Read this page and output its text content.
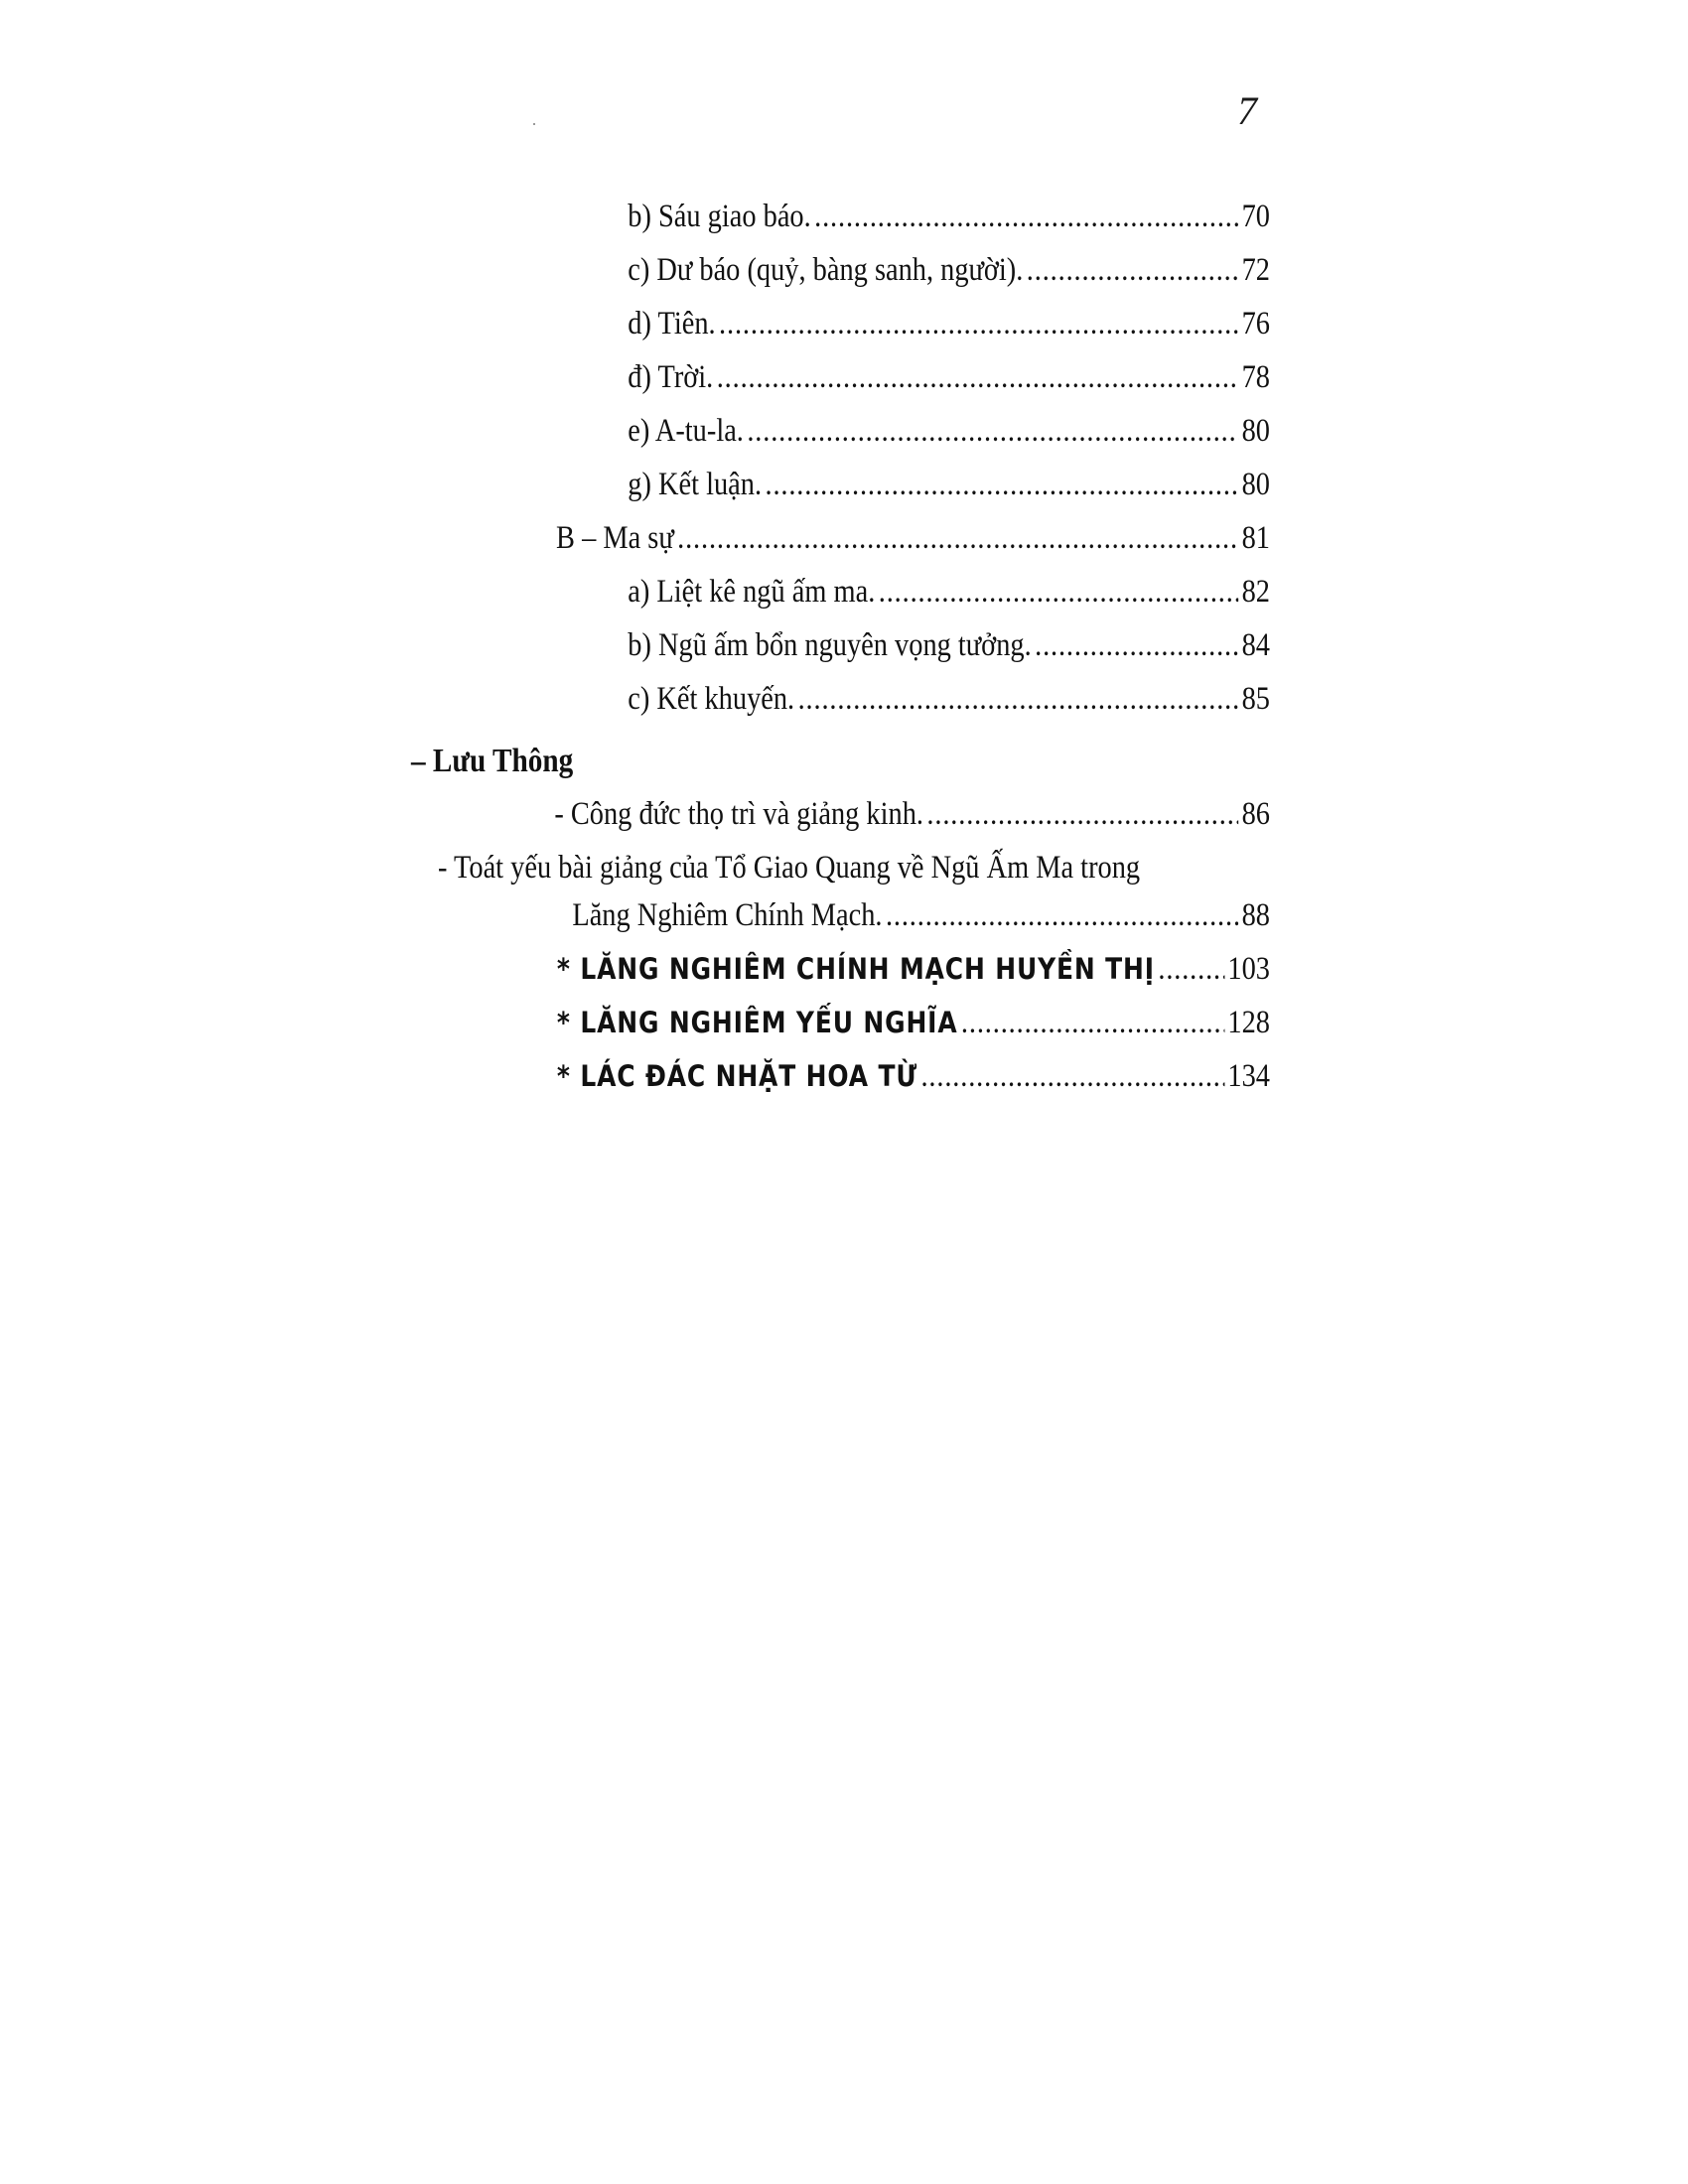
7
b) Sáu giao báo. .....	70
c) Dư báo (quỷ, bàng sanh, người). .....	72
d) Tiên. .....	76
đ) Trời. .....	78
e) A-tu-la. .....	80
g) Kết luận. .....	80
B – Ma sự .....	81
a) Liệt kê ngũ ấm ma. .....	82
b) Ngũ ấm bổn nguyên vọng tưởng. .....	84
c) Kết khuyến. .....	85
– Lưu Thông
- Công đức thọ trì và giảng kinh. .....	86
- Toát yếu bài giảng của Tổ Giao Quang về Ngũ Ấm Ma trong
Lăng Nghiêm Chính Mạch. .....	88
* LĂNG NGHIÊM CHÍNH MẠCH HUYỀN THỊ ..... 103
* LĂNG NGHIÊM YẾU NGHĨA .....	128
* LÁC ĐÁC NHẶT HOA TỪ .....	134
